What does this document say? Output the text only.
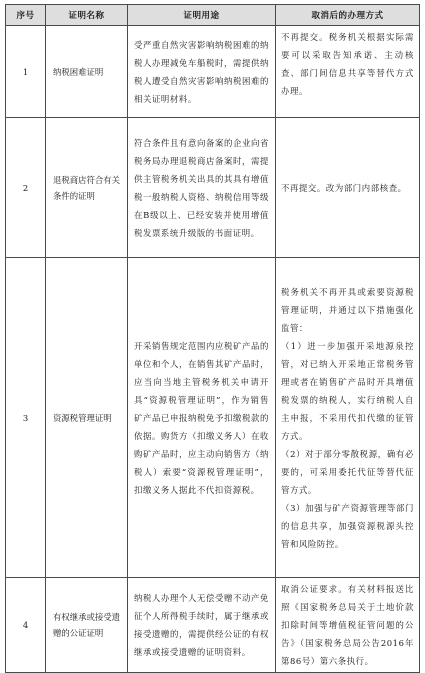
序号	证明名称	证明用途	取消后的办理方式
1	纳税困难证明	受严重自然灾害影响纳税困难的纳税人办理减免车船税时，需提供纳税人遭受自然灾害影响纳税困难的相关证明材料。	不再提交。税务机关根据实际需要可以采取告知承诺、主动核查、部门间信息共享等替代方式办理。

2	退税商店符合有关条件的证明	符合条件且有意向备案的企业向省税务局办理退税商店备案时，需提供主管税务机关出具的其具有增值税一般纳税人资格、纳税信用等级在B级以上、已经安装并使用增值税发票系统升级版的书面证明。	不再提交。改为部门内部核查。

3	资源税管理证明	开采销售规定范围内应税矿产品的单位和个人，在销售其矿产品时，应当向当地主管税务机关申请开具“资源税管理证明”，作为销售矿产品已申报纳税免予扣缴税款的依据。购货方（扣缴义务人）在收购矿产品时，应主动向销售方（纳税人）索要“资源税管理证明”，扣缴义务人据此不代扣资源税。	税务机关不再开具或索要资源税管理证明，并通过以下措施强化监管：

（1）进一步加强开采地源泉控管，对已纳入开采地正常税务管理或者在销售矿产品时开具增值税发票的纳税人，实行纳税人自主申报，不采用代扣代缴的征管方式。

（2）对于部分零散税源，确有必要的，可采用委托代征等替代征管方式。

（3）加强与矿产资源管理等部门的信息共享，加强资源税源头控管和风险防控。

4	有权继承或接受遗赠的公证证明	纳税人办理个人无偿受赠不动产免征个人所得税手续时，属于继承或接受遗赠的，需提供经公证的有权继承或接受遗赠的证明资料。	取消公证要求。有关材料报送比照《国家税务总局关于土地价款扣除时间等增值税征管问题的公告》（国家税务总局公告2016年第86号）第六条执行。
